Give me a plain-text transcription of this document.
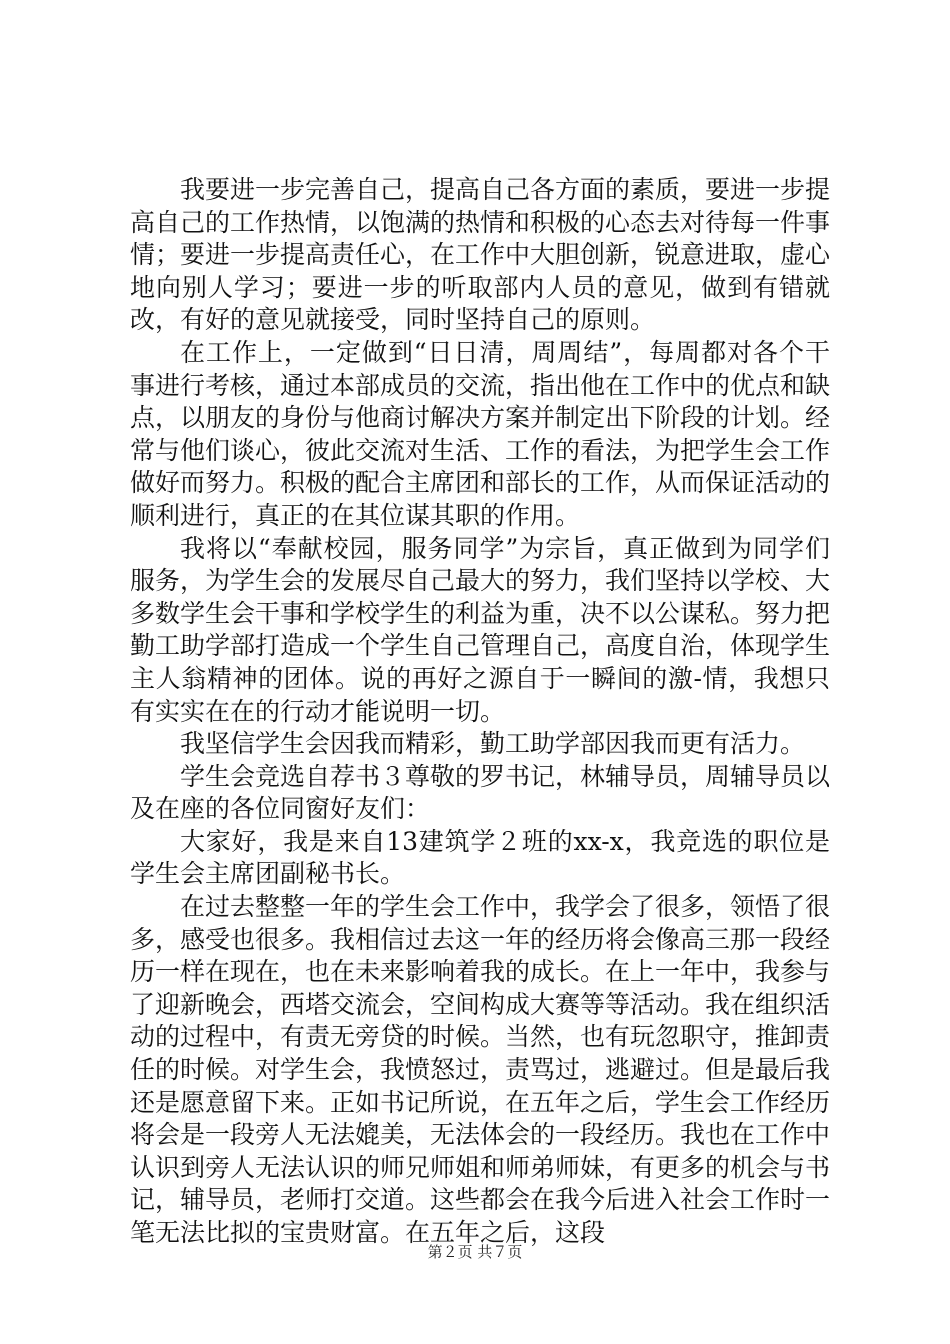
我要进一步完善自己，提高自己各方面的素质，要进一步提高自己的工作热情，以饱满的热情和积极的心态去对待每一件事情；要进一步提高责任心，在工作中大胆创新，锐意进取，虚心地向别人学习；要进一步的听取部内人员的意见，做到有错就改，有好的意见就接受，同时坚持自己的原则。

在工作上，一定做到“日日清，周周结”，每周都对各个干事进行考核，通过本部成员的交流，指出他在工作中的优点和缺点，以朋友的身份与他商讨解决方案并制定出下阶段的计划。经常与他们谈心，彼此交流对生活、工作的看法，为把学生会工作做好而努力。积极的配合主席团和部长的工作，从而保证活动的顺利进行，真正的在其位谋其职的作用。

我将以“奉献校园，服务同学”为宗旨，真正做到为同学们服务，为学生会的发展尽自己最大的努力，我们坚持以学校、大多数学生会干事和学校学生的利益为重，决不以公谋私。努力把勤工助学部打造成一个学生自己管理自己，高度自治，体现学生主人翁精神的团体。说的再好之源自于一瞬间的激-情，我想只有实实在在的行动才能说明一切。

我坚信学生会因我而精彩，勤工助学部因我而更有活力。

学生会竞选自荐书３尊敬的罗书记，林辅导员，周辅导员以及在座的各位同窗好友们：

大家好，我是来自13建筑学２班的xx-x，我竞选的职位是学生会主席团副秘书长。

在过去整整一年的学生会工作中，我学会了很多，领悟了很多，感受也很多。我相信过去这一年的经历将会像高三那一段经历一样在现在，也在未来影响着我的成长。在上一年中，我参与了迎新晚会，西塔交流会，空间构成大赛等等活动。我在组织活动的过程中，有责无旁贷的时候。当然，也有玩忽职守，推卸责任的时候。对学生会，我愤怒过，责骂过，逃避过。但是最后我还是愿意留下来。正如书记所说，在五年之后，学生会工作经历将会是一段旁人无法媲美，无法体会的一段经历。我也在工作中认识到旁人无法认识的师兄师姐和师弟师妹，有更多的机会与书记，辅导员，老师打交道。这些都会在我今后进入社会工作时一笔无法比拟的宝贵财富。在五年之后，这段

第２页 共７页
